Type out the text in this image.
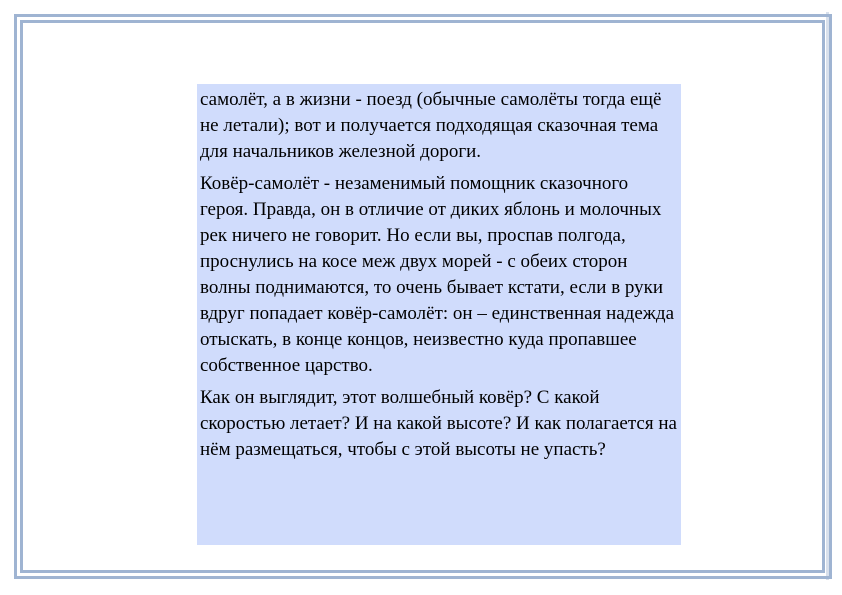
самолёт, а в жизни - поезд (обычные самолёты тогда ещё не летали); вот и получается подходящая сказочная тема для начальников железной дороги.

Ковёр-самолёт - незаменимый помощник сказочного героя. Правда, он в отличие от диких яблонь и молочных рек ничего не говорит. Но если вы, проспав полгода, проснулись на косе меж двух морей - с обеих сторон волны поднимаются, то очень бывает кстати, если в руки вдруг попадает ковёр-самолёт: он – единственная надежда отыскать, в конце концов, неизвестно куда пропавшее собственное царство.

Как он выглядит, этот волшебный ковёр? С какой скоростью летает? И на какой высоте? И как полагается на нём размещаться, чтобы с этой высоты не упасть?
